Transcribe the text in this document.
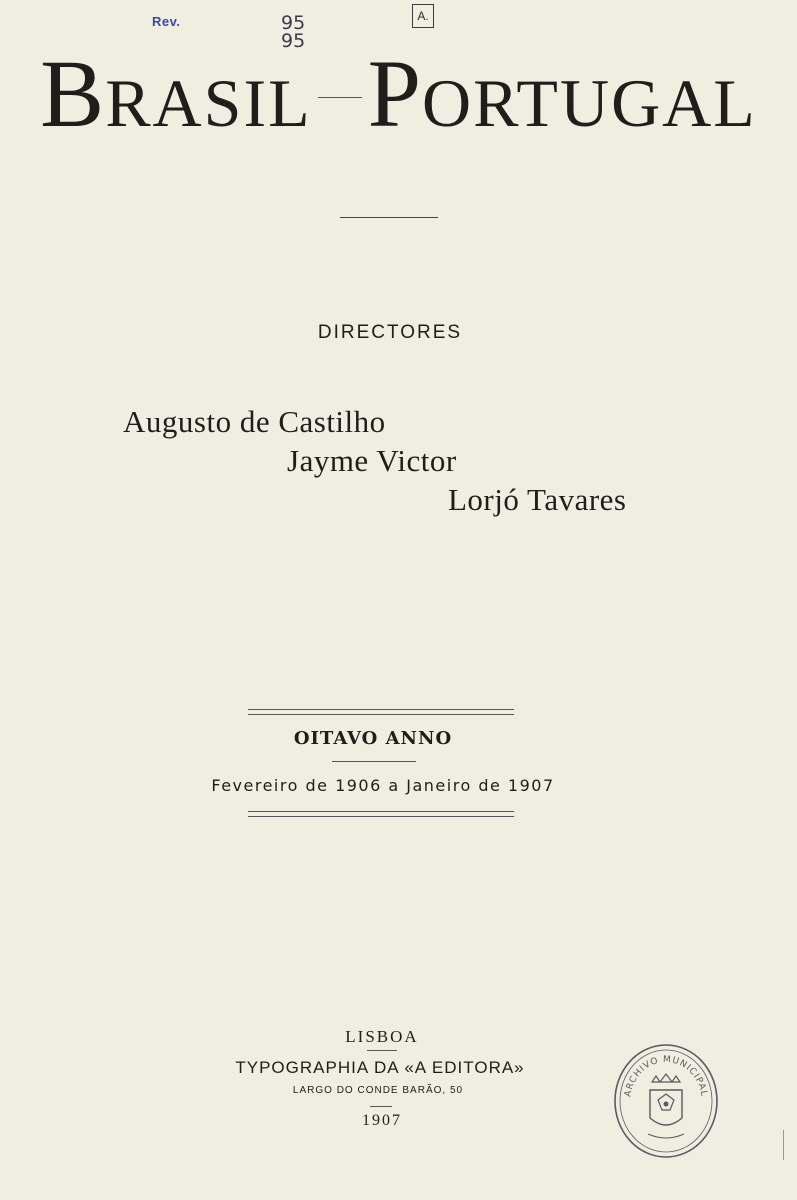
Rev.	95
95
A.
BRASIL PORTUGAL
DIRECTORES
Augusto de Castilho
Jayme Victor
Lorjó Tavares
OITAVO ANNO
Fevereiro de 1906 a Janeiro de 1907
LISBOA
TYPOGRAPHIA DA «A EDITORA»
LARGO DO CONDE BARÃO, 50
1907
ARCHIVO MUNICIPAL
